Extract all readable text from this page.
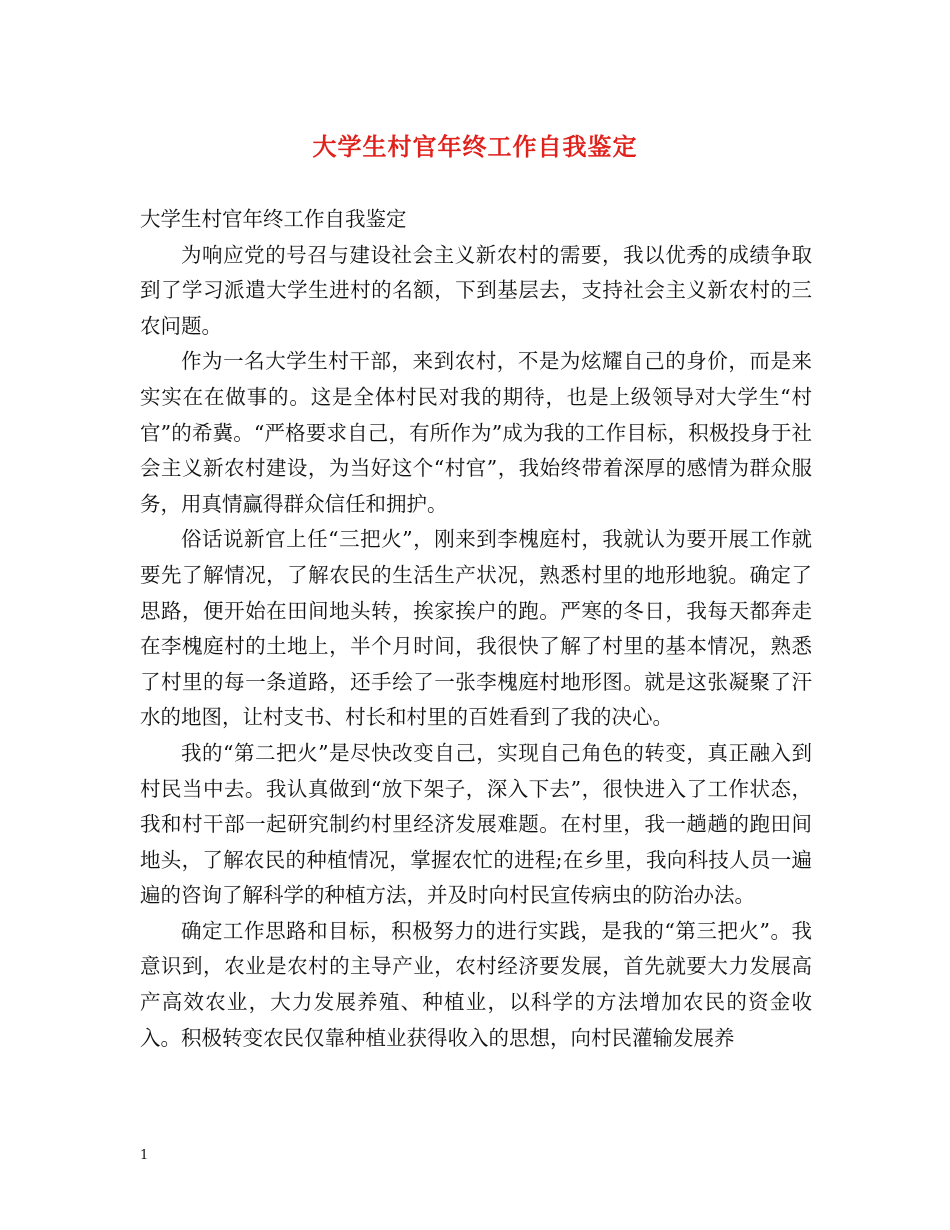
大学生村官年终工作自我鉴定

大学生村官年终工作自我鉴定

为响应党的号召与建设社会主义新农村的需要，我以优秀的成绩争取到了学习派遣大学生进村的名额，下到基层去，支持社会主义新农村的三农问题。

作为一名大学生村干部，来到农村，不是为炫耀自己的身价，而是来实实在在做事的。这是全体村民对我的期待，也是上级领导对大学生“村官”的希冀。“严格要求自己，有所作为”成为我的工作目标，积极投身于社会主义新农村建设，为当好这个“村官”，我始终带着深厚的感情为群众服务，用真情赢得群众信任和拥护。

俗话说新官上任“三把火”，刚来到李槐庭村，我就认为要开展工作就要先了解情况，了解农民的生活生产状况，熟悉村里的地形地貌。确定了思路，便开始在田间地头转，挨家挨户的跑。严寒的冬日，我每天都奔走在李槐庭村的土地上，半个月时间，我很快了解了村里的基本情况，熟悉了村里的每一条道路，还手绘了一张李槐庭村地形图。就是这张凝聚了汗水的地图，让村支书、村长和村里的百姓看到了我的决心。

我的“第二把火”是尽快改变自己，实现自己角色的转变，真正融入到村民当中去。我认真做到“放下架子，深入下去”，很快进入了工作状态，我和村干部一起研究制约村里经济发展难题。在村里，我一趟趟的跑田间地头，了解农民的种植情况，掌握农忙的进程;在乡里，我向科技人员一遍遍的咨询了解科学的种植方法，并及时向村民宣传病虫的防治办法。

确定工作思路和目标，积极努力的进行实践，是我的“第三把火”。我意识到，农业是农村的主导产业，农村经济要发展，首先就要大力发展高产高效农业，大力发展养殖、种植业，以科学的方法增加农民的资金收入。积极转变农民仅靠种植业获得收入的思想，向村民灌输发展养

1
